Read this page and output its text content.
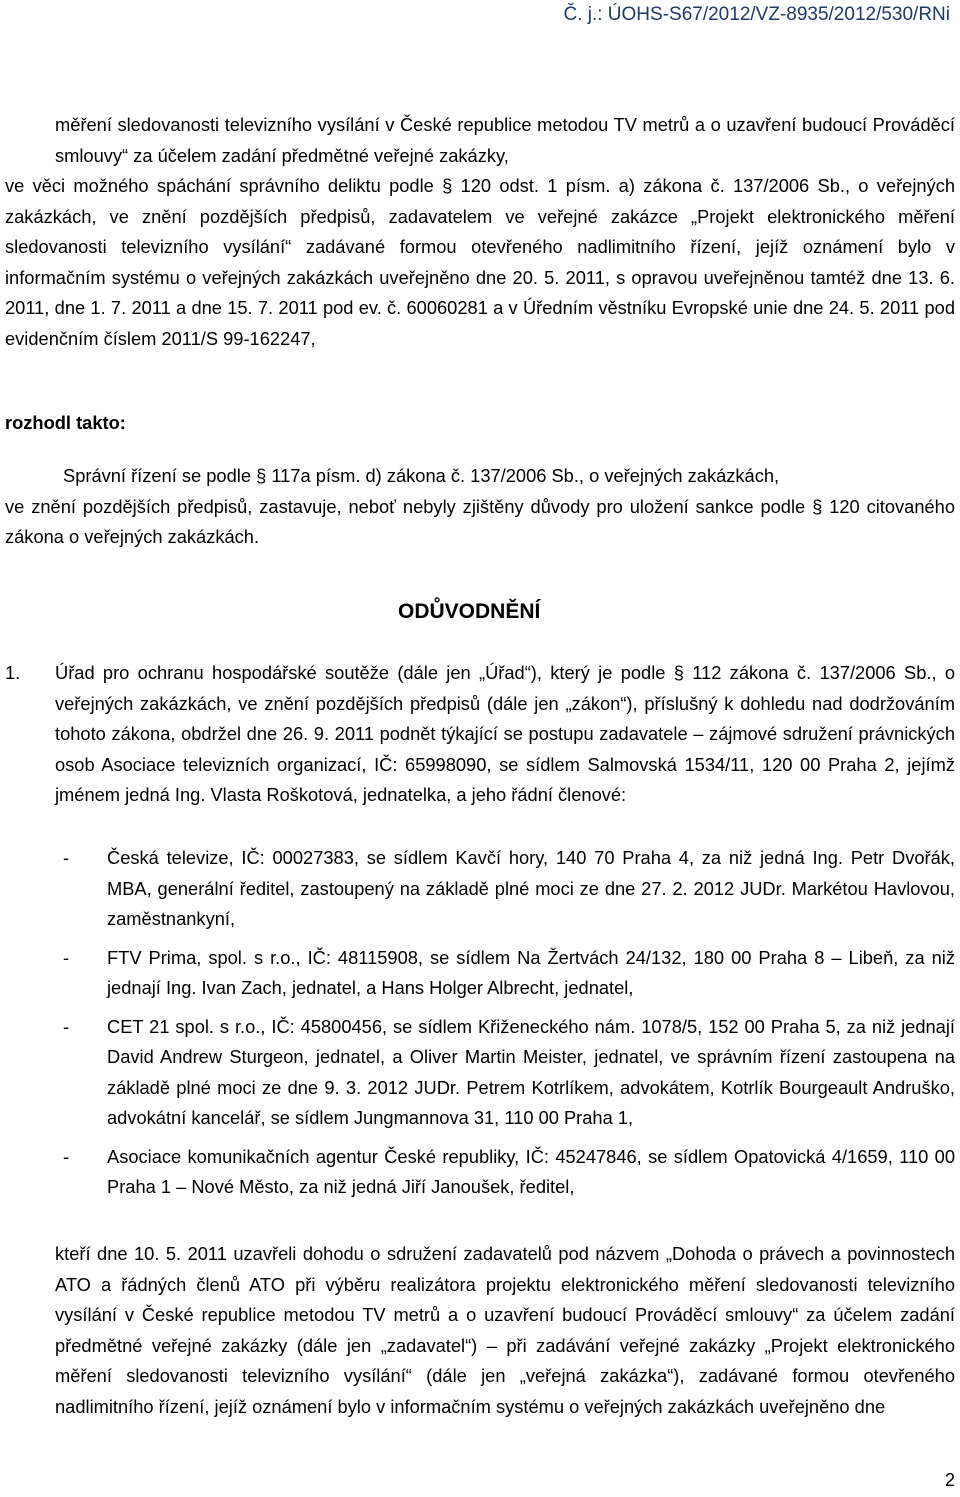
Č. j.: ÚOHS-S67/2012/VZ-8935/2012/530/RNi
měření sledovanosti televizního vysílání v České republice metodou TV metrů a o uzavření budoucí Prováděcí smlouvy“ za účelem zadání předmětné veřejné zakázky,
ve věci možného spáchání správního deliktu podle § 120 odst. 1 písm. a) zákona č. 137/2006 Sb., o veřejných zakázkách, ve znění pozdějších předpisů, zadavatelem ve veřejné zakázce „Projekt elektronického měření sledovanosti televizního vysílání“ zadávané formou otevřeného nadlimitního řízení, jejíž oznámení bylo v informačním systému o veřejných zakázkách uveřejněno dne 20. 5. 2011, s opravou uveřejněnou tamtéž dne 13. 6. 2011, dne 1. 7. 2011 a dne 15. 7. 2011 pod ev. č. 60060281 a v Úředním věstníku Evropské unie dne 24. 5. 2011 pod evidenčním číslem 2011/S 99-162247,
rozhodl takto:
Správní řízení se podle § 117a písm. d) zákona č. 137/2006 Sb., o veřejných zakázkách,
ve znění pozdějších předpisů, zastavuje, neboť nebyly zjištěny důvody pro uložení sankce podle § 120 citovaného zákona o veřejných zakázkách.
ODŮVODNĚNÍ
1. Úřad pro ochranu hospodářské soutěže (dále jen „Úřad“), který je podle § 112 zákona č. 137/2006 Sb., o veřejných zakázkách, ve znění pozdějších předpisů (dále jen „zákon“), příslušný k dohledu nad dodržováním tohoto zákona, obdržel dne 26. 9. 2011 podnět týkající se postupu zadavatele – zájmové sdružení právnických osob Asociace televizních organizací, IČ: 65998090, se sídlem Salmovská 1534/11, 120 00 Praha 2, jejímž jménem jedná Ing. Vlasta Roškotová, jednatelka, a jeho řádní členové:
- Česká televize, IČ: 00027383, se sídlem Kavčí hory, 140 70 Praha 4, za niž jedná Ing. Petr Dvořák, MBA, generální ředitel, zastoupený na základě plné moci ze dne 27. 2. 2012 JUDr. Markétou Havlovou, zaměstnankyní,
- FTV Prima, spol. s r.o., IČ: 48115908, se sídlem Na Žertvách 24/132, 180 00 Praha 8 – Libeň, za niž jednají Ing. Ivan Zach, jednatel, a Hans Holger Albrecht, jednatel,
- CET 21 spol. s r.o., IČ: 45800456, se sídlem Křiženeckého nám. 1078/5, 152 00 Praha 5, za niž jednají David Andrew Sturgeon, jednatel, a Oliver Martin Meister, jednatel, ve správním řízení zastoupena na základě plné moci ze dne 9. 3. 2012 JUDr. Petrem Kotrlíkem, advokátem, Kotrlík Bourgeault Andruško, advokátní kancelář, se sídlem Jungmannova 31, 110 00 Praha 1,
- Asociace komunikačních agentur České republiky, IČ: 45247846, se sídlem Opatovická 4/1659, 110 00 Praha 1 – Nové Město, za niž jedná Jiří Janoušek, ředitel,
kteří dne 10. 5. 2011 uzavřeli dohodu o sdružení zadavatelů pod názvem „Dohoda o právech a povinnostech ATO a řádných členů ATO při výběru realizátora projektu elektronického měření sledovanosti televizního vysílání v České republice metodou TV metrů a o uzavření budoucí Prováděcí smlouvy“ za účelem zadání předmětné veřejné zakázky (dále jen „zadavatel“) – při zadávání veřejné zakázky „Projekt elektronického měření sledovanosti televizního vysílání“ (dále jen „veřejná zakázka“), zadávané formou otevřeného nadlimitního řízení, jejíž oznámení bylo v informačním systému o veřejných zakázkách uveřejněno dne
2
